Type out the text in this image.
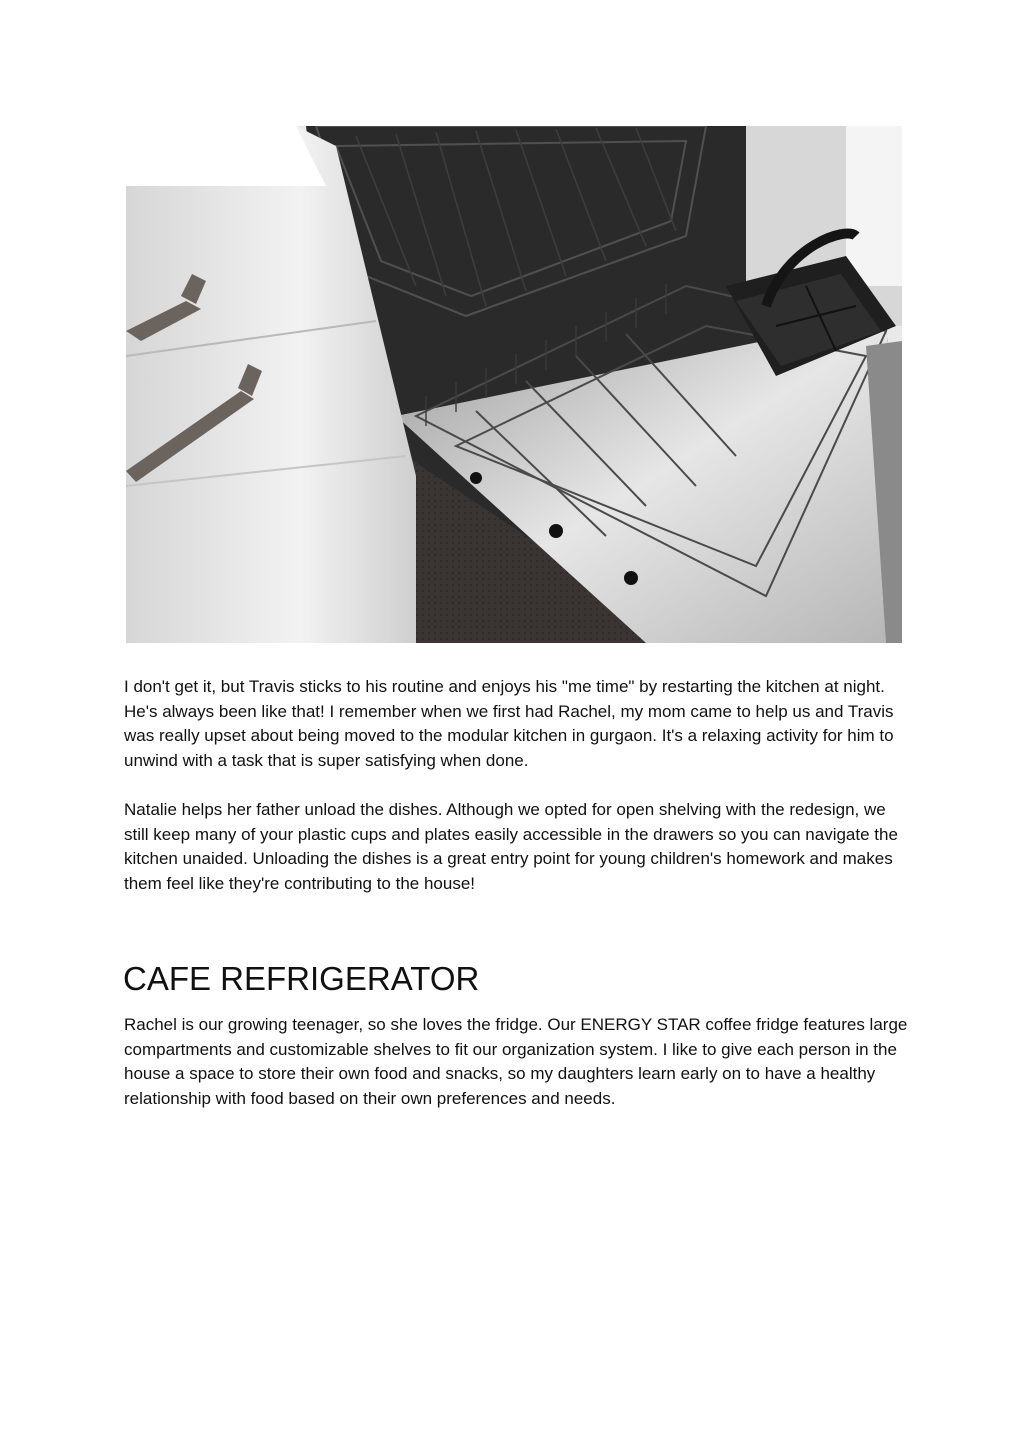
I don't get it, but Travis sticks to his routine and enjoys his "me time" by restarting the kitchen at night. He's always been like that! I remember when we first had Rachel, my mom came to help us and Travis was really upset about being moved to the modular kitchen in gurgaon. It's a relaxing activity for him to unwind with a task that is super satisfying when done.

Natalie helps her father unload the dishes. Although we opted for open shelving with the redesign, we still keep many of your plastic cups and plates easily accessible in the drawers so you can navigate the kitchen unaided. Unloading the dishes is a great entry point for young children's homework and makes them feel like they're contributing to the house!

CAFE REFRIGERATOR

Rachel is our growing teenager, so she loves the fridge. Our ENERGY STAR coffee fridge features large compartments and customizable shelves to fit our organization system. I like to give each person in the house a space to store their own food and snacks, so my daughters learn early on to have a healthy relationship with food based on their own preferences and needs.
